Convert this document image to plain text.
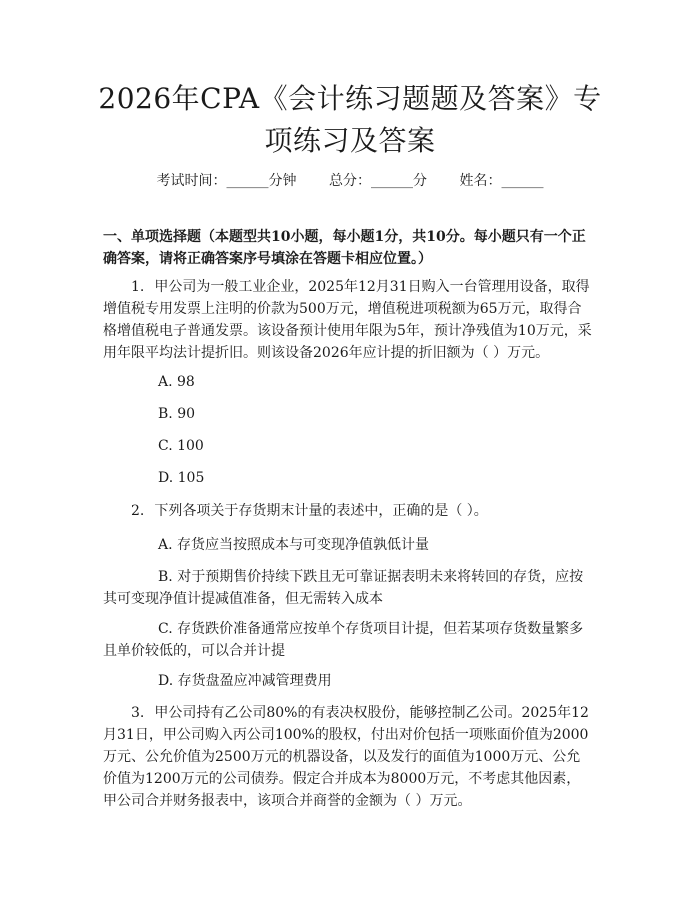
2026年CPA《会计练习题题及答案》专项练习及答案
考试时间：______分钟 总分：______分 姓名：______
一、单项选择题（本题型共10小题，每小题1分，共10分。每小题只有一个正确答案，请将正确答案序号填涂在答题卡相应位置。）
1. 甲公司为一般工业企业，2025年12月31日购入一台管理用设备，取得增值税专用发票上注明的价款为500万元，增值税进项税额为65万元，取得合格增值税电子普通发票。该设备预计使用年限为5年，预计净残值为10万元，采用年限平均法计提折旧。则该设备2026年应计提的折旧额为（ ）万元。
A. 98
B. 90
C. 100
D. 105
2. 下列各项关于存货期末计量的表述中，正确的是（ ）。
A. 存货应当按照成本与可变现净值孰低计量
B. 对于预期售价持续下跌且无可靠证据表明未来将转回的存货，应按其可变现净值计提减值准备，但无需转入成本
C. 存货跌价准备通常应按单个存货项目计提，但若某项存货数量繁多且单价较低的，可以合并计提
D. 存货盘盈应冲减管理费用
3. 甲公司持有乙公司80%的有表决权股份，能够控制乙公司。2025年12月31日，甲公司购入丙公司100%的股权，付出对价包括一项账面价值为2000万元、公允价值为2500万元的机器设备，以及发行的面值为1000万元、公允价值为1200万元的公司债券。假定合并成本为8000万元，不考虑其他因素，甲公司合并财务报表中，该项合并商誉的金额为（ ）万元。
